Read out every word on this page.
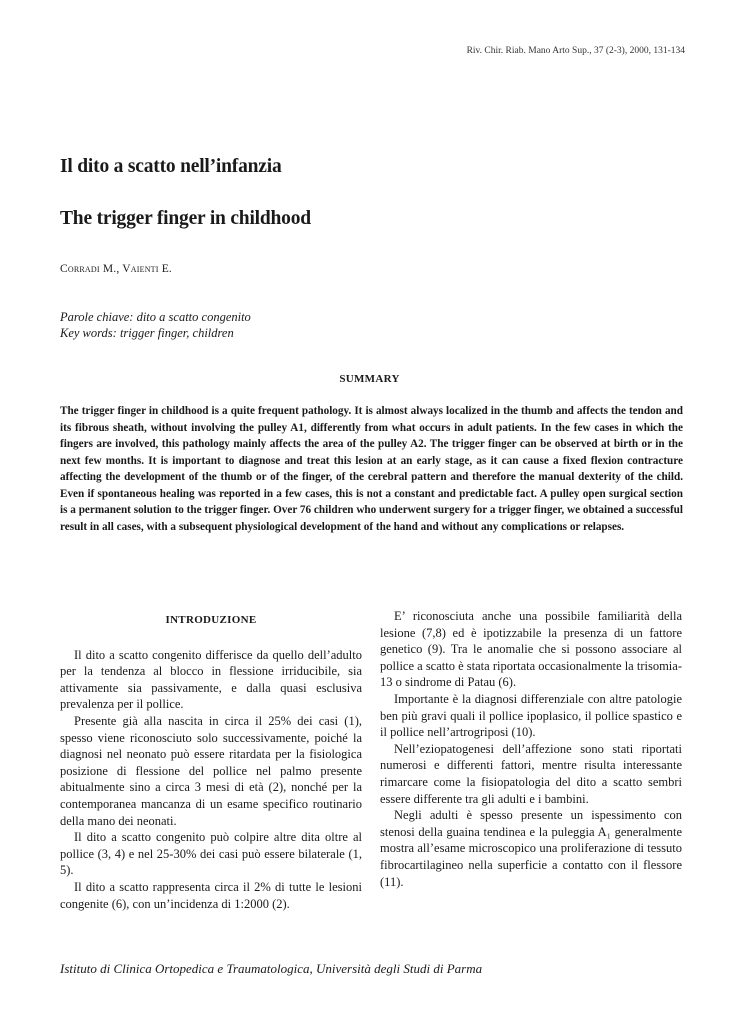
Riv. Chir. Riab. Mano Arto Sup., 37 (2-3), 2000, 131-134
Il dito a scatto nell’infanzia
The trigger finger in childhood
Corradi M., Vaienti E.
Parole chiave: dito a scatto congenito
Key words: trigger finger, children
SUMMARY
The trigger finger in childhood is a quite frequent pathology. It is almost always localized in the thumb and affects the tendon and its fibrous sheath, without involving the pulley A1, differently from what occurs in adult patients. In the few cases in which the fingers are involved, this pathology mainly affects the area of the pulley A2. The trigger finger can be observed at birth or in the next few months. It is important to diagnose and treat this lesion at an early stage, as it can cause a fixed flexion contracture affecting the development of the thumb or of the finger, of the cerebral pattern and therefore the manual dexterity of the child. Even if spontaneous healing was reported in a few cases, this is not a constant and predictable fact. A pulley open surgical section is a permanent solution to the trigger finger. Over 76 children who underwent surgery for a trigger finger, we obtained a successful result in all cases, with a subsequent physiological development of the hand and without any complications or relapses.
INTRODUZIONE

Il dito a scatto congenito differisce da quello dell’adulto per la tendenza al blocco in flessione irriducibile, sia attivamente sia passivamente, e dalla quasi esclusiva prevalenza per il pollice.

Presente già alla nascita in circa il 25% dei casi (1), spesso viene riconosciuto solo successivamente, poiché la diagnosi nel neonato può essere ritardata per la fisiologica posizione di flessione del pollice nel palmo presente abitualmente sino a circa 3 mesi di età (2), nonché per la contemporanea mancanza di un esame specifico routinario della mano dei neonati.

Il dito a scatto congenito può colpire altre dita oltre al pollice (3, 4) e nel 25-30% dei casi può essere bilaterale (1, 5).

Il dito a scatto rappresenta circa il 2% di tutte le lesioni congenite (6), con un’incidenza di 1:2000 (2).

E’ riconosciuta anche una possibile familiarità della lesione (7,8) ed è ipotizzabile la presenza di un fattore genetico (9). Tra le anomalie che si possono associare al pollice a scatto è stata riportata occasionalmente la trisomia-13 o sindrome di Patau (6).

Importante è la diagnosi differenziale con altre patologie ben più gravi quali il pollice ipoplasico, il pollice spastico e il pollice nell’artrogriposi (10).

Nell’eziopatogenesi dell’affezione sono stati riportati numerosi e differenti fattori, mentre risulta interessante rimarcare come la fisiopatologia del dito a scatto sembri essere differente tra gli adulti e i bambini.

Negli adulti è spesso presente un ispessimento con stenosi della guaina tendinea e la puleggia A₁ generalmente mostra all’esame microscopico una proliferazione di tessuto fibrocartilagineo nella superficie a contatto con il flessore (11).

Istituto di Clinica Ortopedica e Traumatologica, Università degli Studi di Parma
